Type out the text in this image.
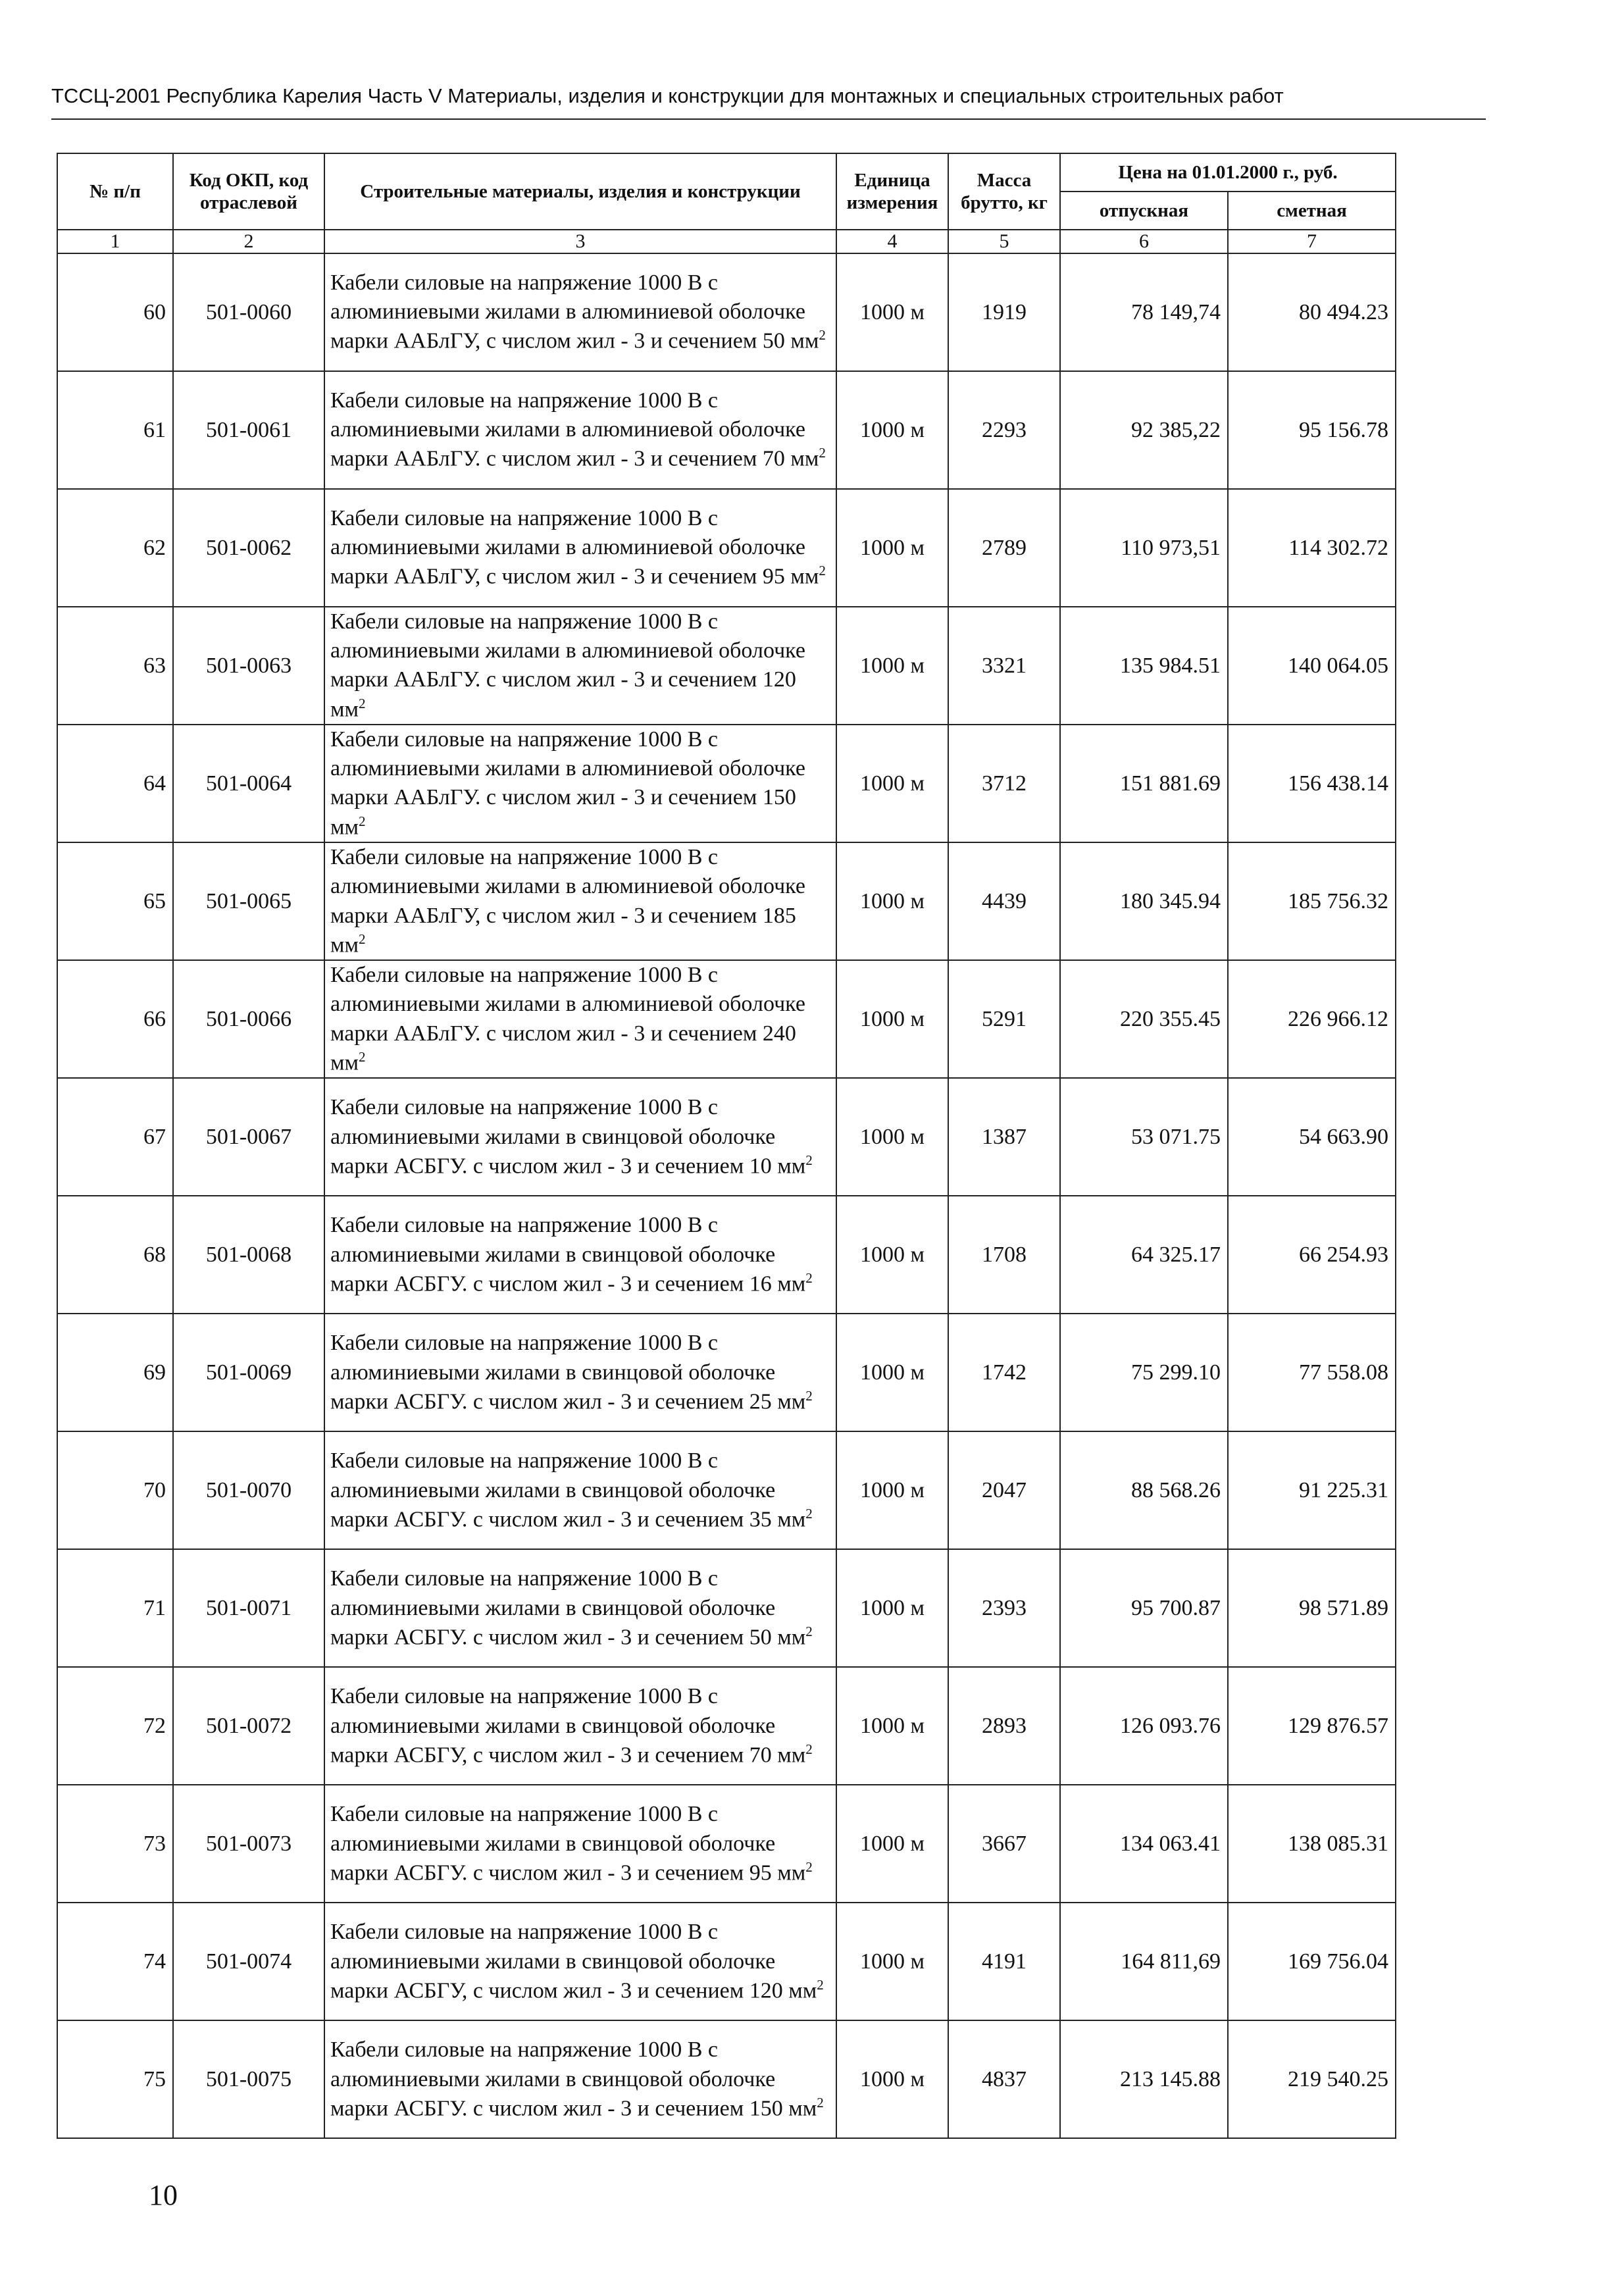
ТССЦ-2001 Республика Карелия Часть V Материалы, изделия и конструкции для монтажных и специальных строительных работ
№ п/п	Код ОКП, код отраслевой	Строительные материалы, изделия и конструкции	Единица измерения	Масса брутто, кг	Цена на 01.01.2000 г., руб.	
					отпускная	сметная
1	2	3	4	5	6	7
60	501-0060	Кабели силовые на напряжение 1000 В с алюминиевыми жилами в алюминиевой оболочке марки ААБлГУ, с числом жил - 3 и сечением 50 $мм^2$	1000 м	1919	78 149,74	80 494.23
61	501-0061	Кабели силовые на напряжение 1000 В с алюминиевыми жилами в алюминиевой оболочке марки ААБлГУ. с числом жил - 3 и сечением 70 $мм^2$	1000 м	2293	92 385,22	95 156.78
62	501-0062	Кабели силовые на напряжение 1000 В с алюминиевыми жилами в алюминиевой оболочке марки ААБлГУ, с числом жил - 3 и сечением 95 $мм^2$	1000 м	2789	110 973,51	114 302.72
63	501-0063	Кабели силовые на напряжение 1000 В с алюминиевыми жилами в алюминиевой оболочке марки ААБлГУ. с числом жил - 3 и сечением 120 $мм^2$	1000 м	3321	135 984.51	140 064.05
64	501-0064	Кабели силовые на напряжение 1000 В с алюминиевыми жилами в алюминиевой оболочке марки ААБлГУ. с числом жил - 3 и сечением 150 $мм^2$	1000 м	3712	151 881.69	156 438.14
65	501-0065	Кабели силовые на напряжение 1000 В с алюминиевыми жилами в алюминиевой оболочке марки ААБлГУ, с числом жил - 3 и сечением 185 $мм^2$	1000 м	4439	180 345.94	185 756.32
66	501-0066	Кабели силовые на напряжение 1000 В с алюминиевыми жилами в алюминиевой оболочке марки ААБлГУ. с числом жил - 3 и сечением 240 $мм^2$	1000 м	5291	220 355.45	226 966.12
67	501-0067	Кабели силовые на напряжение 1000 В с алюминиевыми жилами в свинцовой оболочке марки АСБГУ. с числом жил - 3 и сечением 10 $мм^2$	1000 м	1387	53 071.75	54 663.90
68	501-0068	Кабели силовые на напряжение 1000 В с алюминиевыми жилами в свинцовой оболочке марки АСБГУ. с числом жил - 3 и сечением 16 $мм^2$	1000 м	1708	64 325.17	66 254.93
69	501-0069	Кабели силовые на напряжение 1000 В с алюминиевыми жилами в свинцовой оболочке марки АСБГУ. с числом жил - 3 и сечением 25 $мм^2$	1000 м	1742	75 299.10	77 558.08
70	501-0070	Кабели силовые на напряжение 1000 В с алюминиевыми жилами в свинцовой оболочке марки АСБГУ. с числом жил - 3 и сечением 35 $мм^2$	1000 м	2047	88 568.26	91 225.31
71	501-0071	Кабели силовые на напряжение 1000 В с алюминиевыми жилами в свинцовой оболочке марки АСБГУ. с числом жил - 3 и сечением 50 $мм^2$	1000 м	2393	95 700.87	98 571.89
72	501-0072	Кабели силовые на напряжение 1000 В с алюминиевыми жилами в свинцовой оболочке марки АСБГУ, с числом жил - 3 и сечением 70 $мм^2$	1000 м	2893	126 093.76	129 876.57
73	501-0073	Кабели силовые на напряжение 1000 В с алюминиевыми жилами в свинцовой оболочке марки АСБГУ. с числом жил - 3 и сечением 95 $мм^2$	1000 м	3667	134 063.41	138 085.31
74	501-0074	Кабели силовые на напряжение 1000 В с алюминиевыми жилами в свинцовой оболочке марки АСБГУ, с числом жил - 3 и сечением 120 $мм^2$	1000 м	4191	164 811,69	169 756.04
75	501-0075	Кабели силовые на напряжение 1000 В с алюминиевыми жилами в свинцовой оболочке марки АСБГУ. с числом жил - 3 и сечением 150 $мм^2$	1000 м	4837	213 145.88	219 540.25
10
